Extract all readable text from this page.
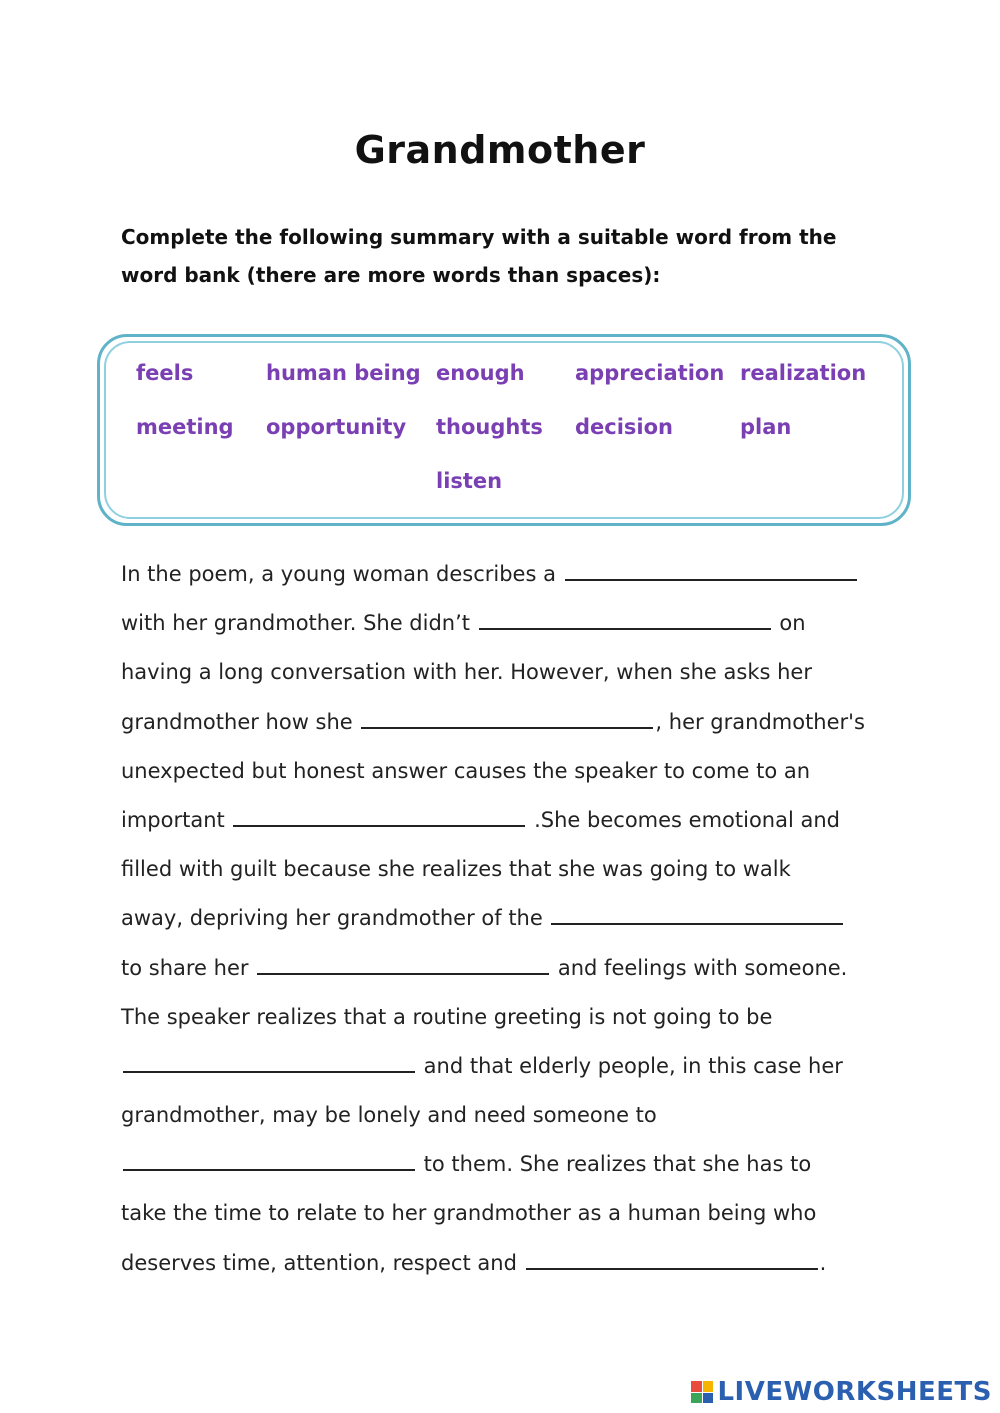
Grandmother
Complete the following summary with a suitable word from the word bank (there are more words than spaces):
feels	human being enough appreciation realization
meeting opportunity thoughts decision	plan
listen
In the poem, a young woman describes a
with her grandmother. She didn’t	on
having a long conversation with her. However, when she asks her
grandmother how she	, her grandmother's
unexpected but honest answer causes the speaker to come to an
important	.She becomes emotional and
filled with guilt because she realizes that she was going to walk
away, depriving her grandmother of the
to share her	and feelings with someone.
The speaker realizes that a routine greeting is not going to be
and that elderly people, in this case her
grandmother, may be lonely and need someone to
to them. She realizes that she has to
take the time to relate to her grandmother as a human being who
deserves time, attention, respect and	.
LIVEWORKSHEETS
